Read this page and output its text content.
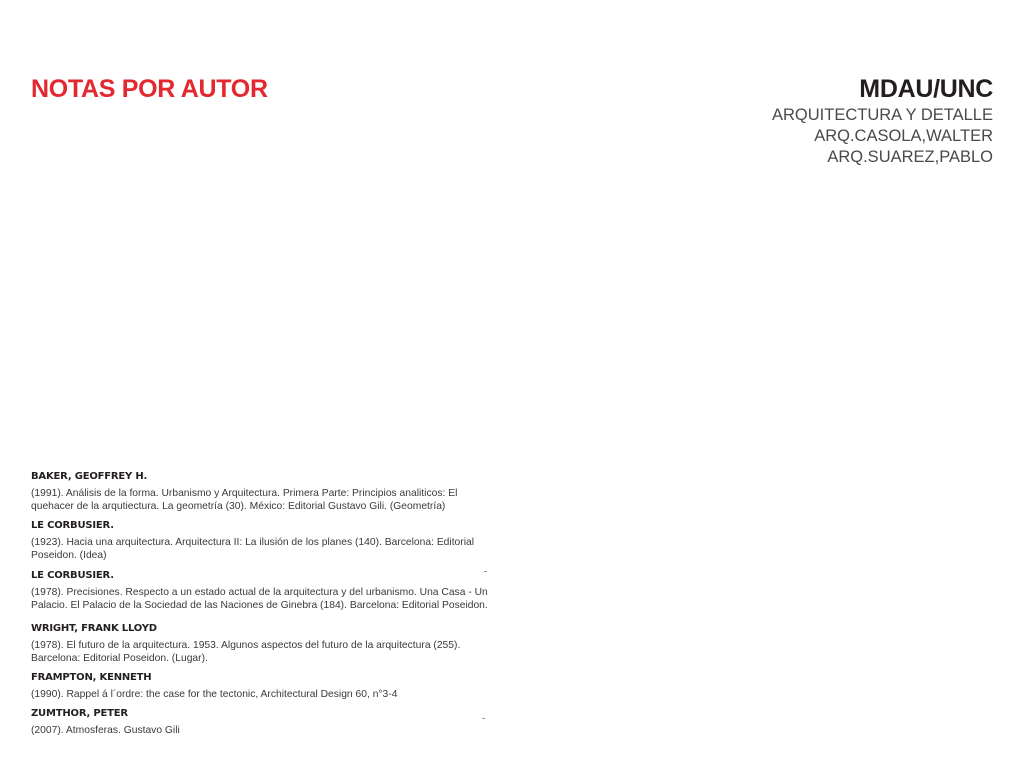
NOTAS POR AUTOR	MDAU/UNC
ARQUITECTURA Y DETALLE
ARQ.CASOLA,WALTER
ARQ.SUAREZ,PABLO
BAKER, GEOFFREY H.
(1991). Análisis de la forma. Urbanismo y Arquitectura. Primera Parte: Principios analiticos: El quehacer de la arqutiectura. La geometría (30). México: Editorial Gustavo Gili. (Geometría)
LE CORBUSIER.
(1923). Hacia una arquitectura. Arquitectura II: La ilusión de los planes (140). Barcelona: Editorial Poseidon. (Idea)
LE CORBUSIER.
(1978). Precisiones. Respecto a un estado actual de la arquitectura y del urbanismo. Una Casa - Un Palacio. El Palacio de la Sociedad de las Naciones de Ginebra (184). Barcelona: Editorial Poseidon.
WRIGHT, FRANK LLOYD
(1978). El futuro de la arquitectura. 1953. Algunos aspectos del futuro de la arquitectura (255). Barcelona: Editorial Poseidon. (Lugar).
FRAMPTON, KENNETH
(1990). Rappel á l´ordre: the case for the tectonic, Architectural Design 60, n°3-4
ZUMTHOR, PETER
(2007). Atmosferas. Gustavo Gili
